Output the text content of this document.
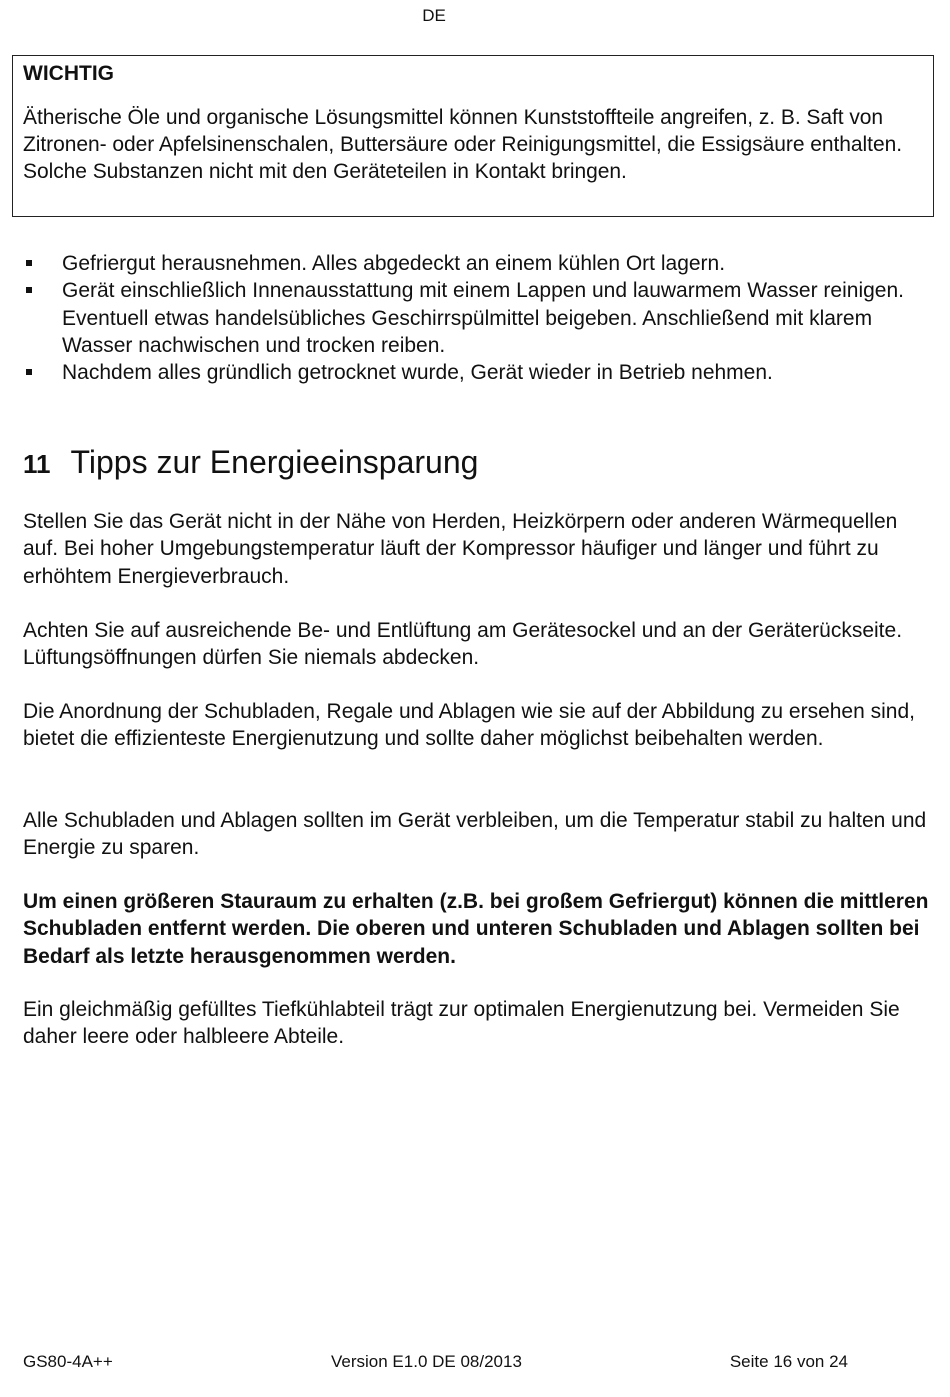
DE

WICHTIG

Ätherische Öle und organische Lösungsmittel können Kunststoffteile angreifen, z. B. Saft von Zitronen- oder Apfelsinenschalen, Buttersäure oder Reinigungsmittel, die Essigsäure enthalten. Solche Substanzen nicht mit den Geräteteilen in Kontakt bringen.

Gefriergut herausnehmen. Alles abgedeckt an einem kühlen Ort lagern.
Gerät einschließlich Innenausstattung mit einem Lappen und lauwarmem Wasser reinigen. Eventuell etwas handelsübliches Geschirrspülmittel beigeben. Anschließend mit klarem Wasser nachwischen und trocken reiben.
Nachdem alles gründlich getrocknet wurde, Gerät wieder in Betrieb nehmen.
11 Tipps zur Energieeinsparung

Stellen Sie das Gerät nicht in der Nähe von Herden, Heizkörpern oder anderen Wärmequellen auf. Bei hoher Umgebungstemperatur läuft der Kompressor häufiger und länger und führt zu erhöhtem Energieverbrauch.

Achten Sie auf ausreichende Be- und Entlüftung am Gerätesockel und an der Geräterückseite. Lüftungsöffnungen dürfen Sie niemals abdecken.

Die Anordnung der Schubladen, Regale und Ablagen wie sie auf der Abbildung zu ersehen sind, bietet die effizienteste Energienutzung und sollte daher möglichst beibehalten werden.

Alle Schubladen und Ablagen sollten im Gerät verbleiben, um die Temperatur stabil zu halten und Energie zu sparen.

Um einen größeren Stauraum zu erhalten (z.B. bei großem Gefriergut) können die mittleren Schubladen entfernt werden. Die oberen und unteren Schubladen und Ablagen sollten bei Bedarf als letzte herausgenommen werden.

Ein gleichmäßig gefülltes Tiefkühlabteil trägt zur optimalen Energienutzung bei. Vermeiden Sie daher leere oder halbleere Abteile.

GS80-4A++	Version E1.0 DE 08/2013	Seite 16 von 24
